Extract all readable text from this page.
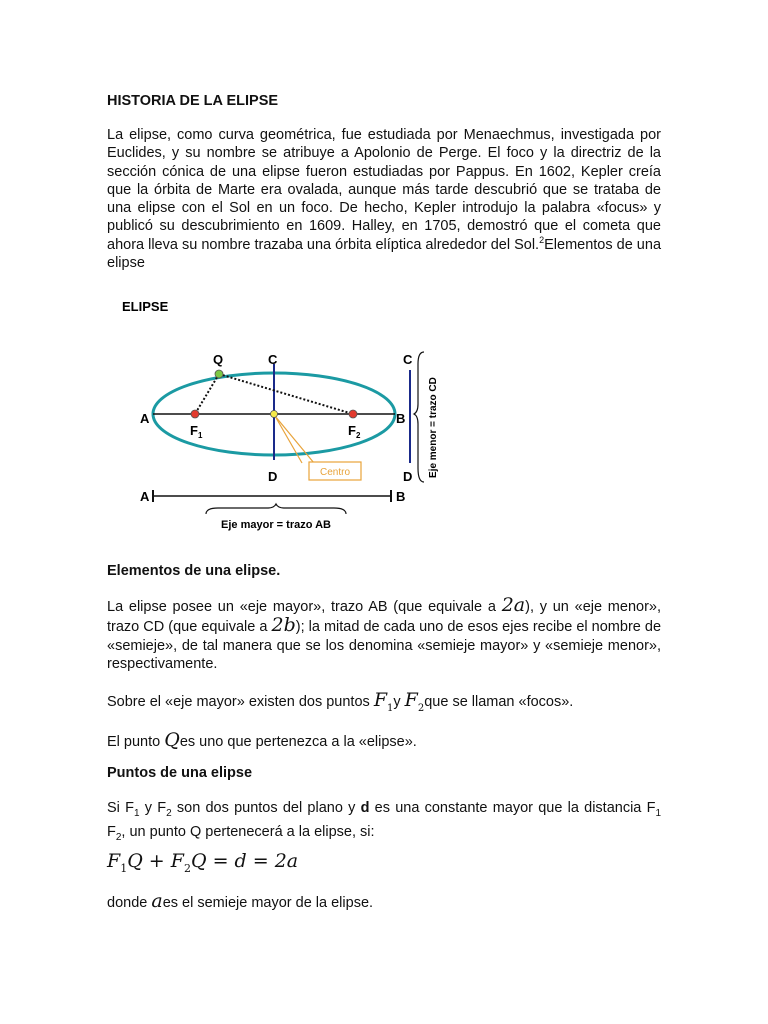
HISTORIA DE LA ELIPSE
La elipse, como curva geométrica, fue estudiada por Menaechmus, investigada por Euclides, y su nombre se atribuye a Apolonio de Perge. El foco y la directriz de la sección cónica de una elipse fueron estudiadas por Pappus. En 1602, Kepler creía que la órbita de Marte era ovalada, aunque más tarde descubrió que se trataba de una elipse con el Sol en un foco. De hecho, Kepler introdujo la palabra «focus» y publicó su descubrimiento en 1609. Halley, en 1705, demostró que el cometa que ahora lleva su nombre trazaba una órbita elíptica alrededor del Sol.$^2$Elementos de una elipse
ELIPSE
Centro
Q	C
A	B
$F_1$	$F_2$
D
C
D Eje menor = trazo CD
A	B
Eje mayor = trazo AB
Elementos de una elipse.
La elipse posee un «eje mayor», trazo AB (que equivale a 2a), y un «eje menor», trazo CD (que equivale a 2b); la mitad de cada uno de esos ejes recibe el nombre de «semieje», de tal manera que se los denomina «semieje mayor» y «semieje menor», respectivamente.
Sobre el «eje mayor» existen dos puntos $F_1y$ $F_2que$ se llaman «focos».
El punto Qes uno que pertenezca a la «elipse».
Puntos de una elipse
Si $F_1$ y $F_2$ son dos puntos del plano y d es una constante mayor que la distancia $F_1$ $F_2$, un punto Q pertenecerá a la elipse, si:
$F_1Q + F_2Q = d = 2a$
donde aes el semieje mayor de la elipse.
